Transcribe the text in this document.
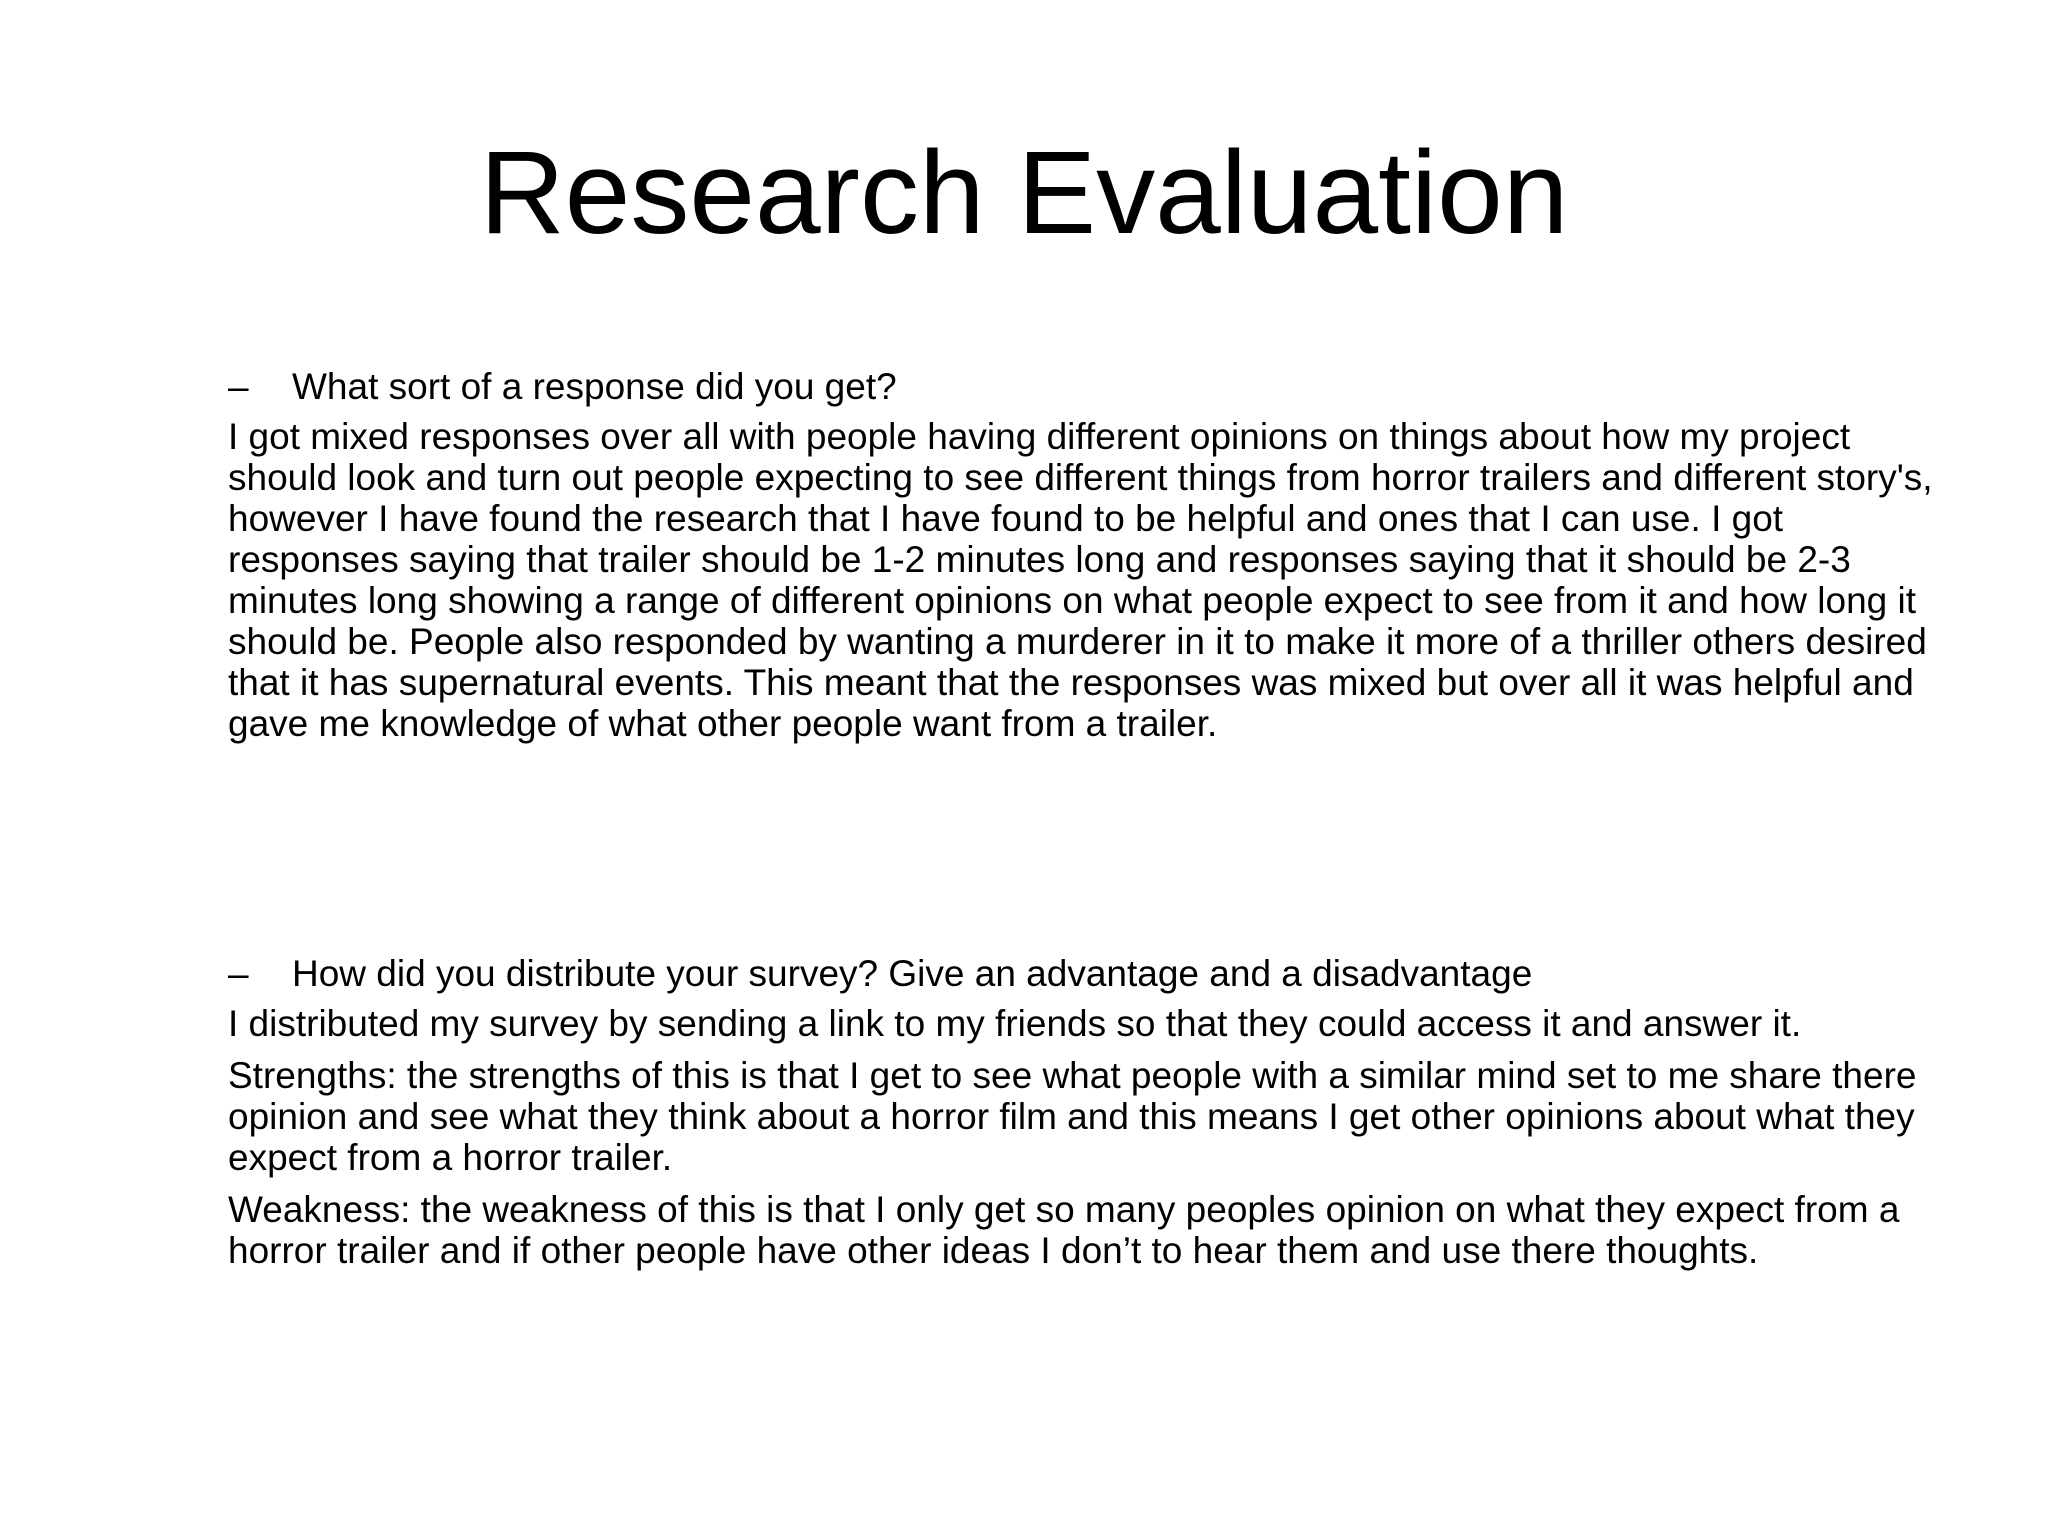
Research Evaluation
–	What sort of a response did you get?

I got mixed responses over all with people having different opinions on things about how my project should look and turn out people expecting to see different things from horror trailers and different story's, however I have found the research that I have found to be helpful and ones that I can use. I got responses saying that trailer should be 1-2 minutes long and responses saying that it should be 2-3 minutes long showing a range of different opinions on what people expect to see from it and how long it should be. People also responded by wanting a murderer in it to make it more of a thriller others desired that it has supernatural events. This meant that the responses was mixed but over all it was helpful and gave me knowledge of what other people want from a trailer.

–	How did you distribute your survey? Give an advantage and a disadvantage

I distributed my survey by sending a link to my friends so that they could access it and answer it.

Strengths: the strengths of this is that I get to see what people with a similar mind set to me share there opinion and see what they think about a horror film and this means I get other opinions about what they expect from a horror trailer.

Weakness: the weakness of this is that I only get so many peoples opinion on what they expect from a horror trailer and if other people have other ideas I don’t to hear them and use there thoughts.
